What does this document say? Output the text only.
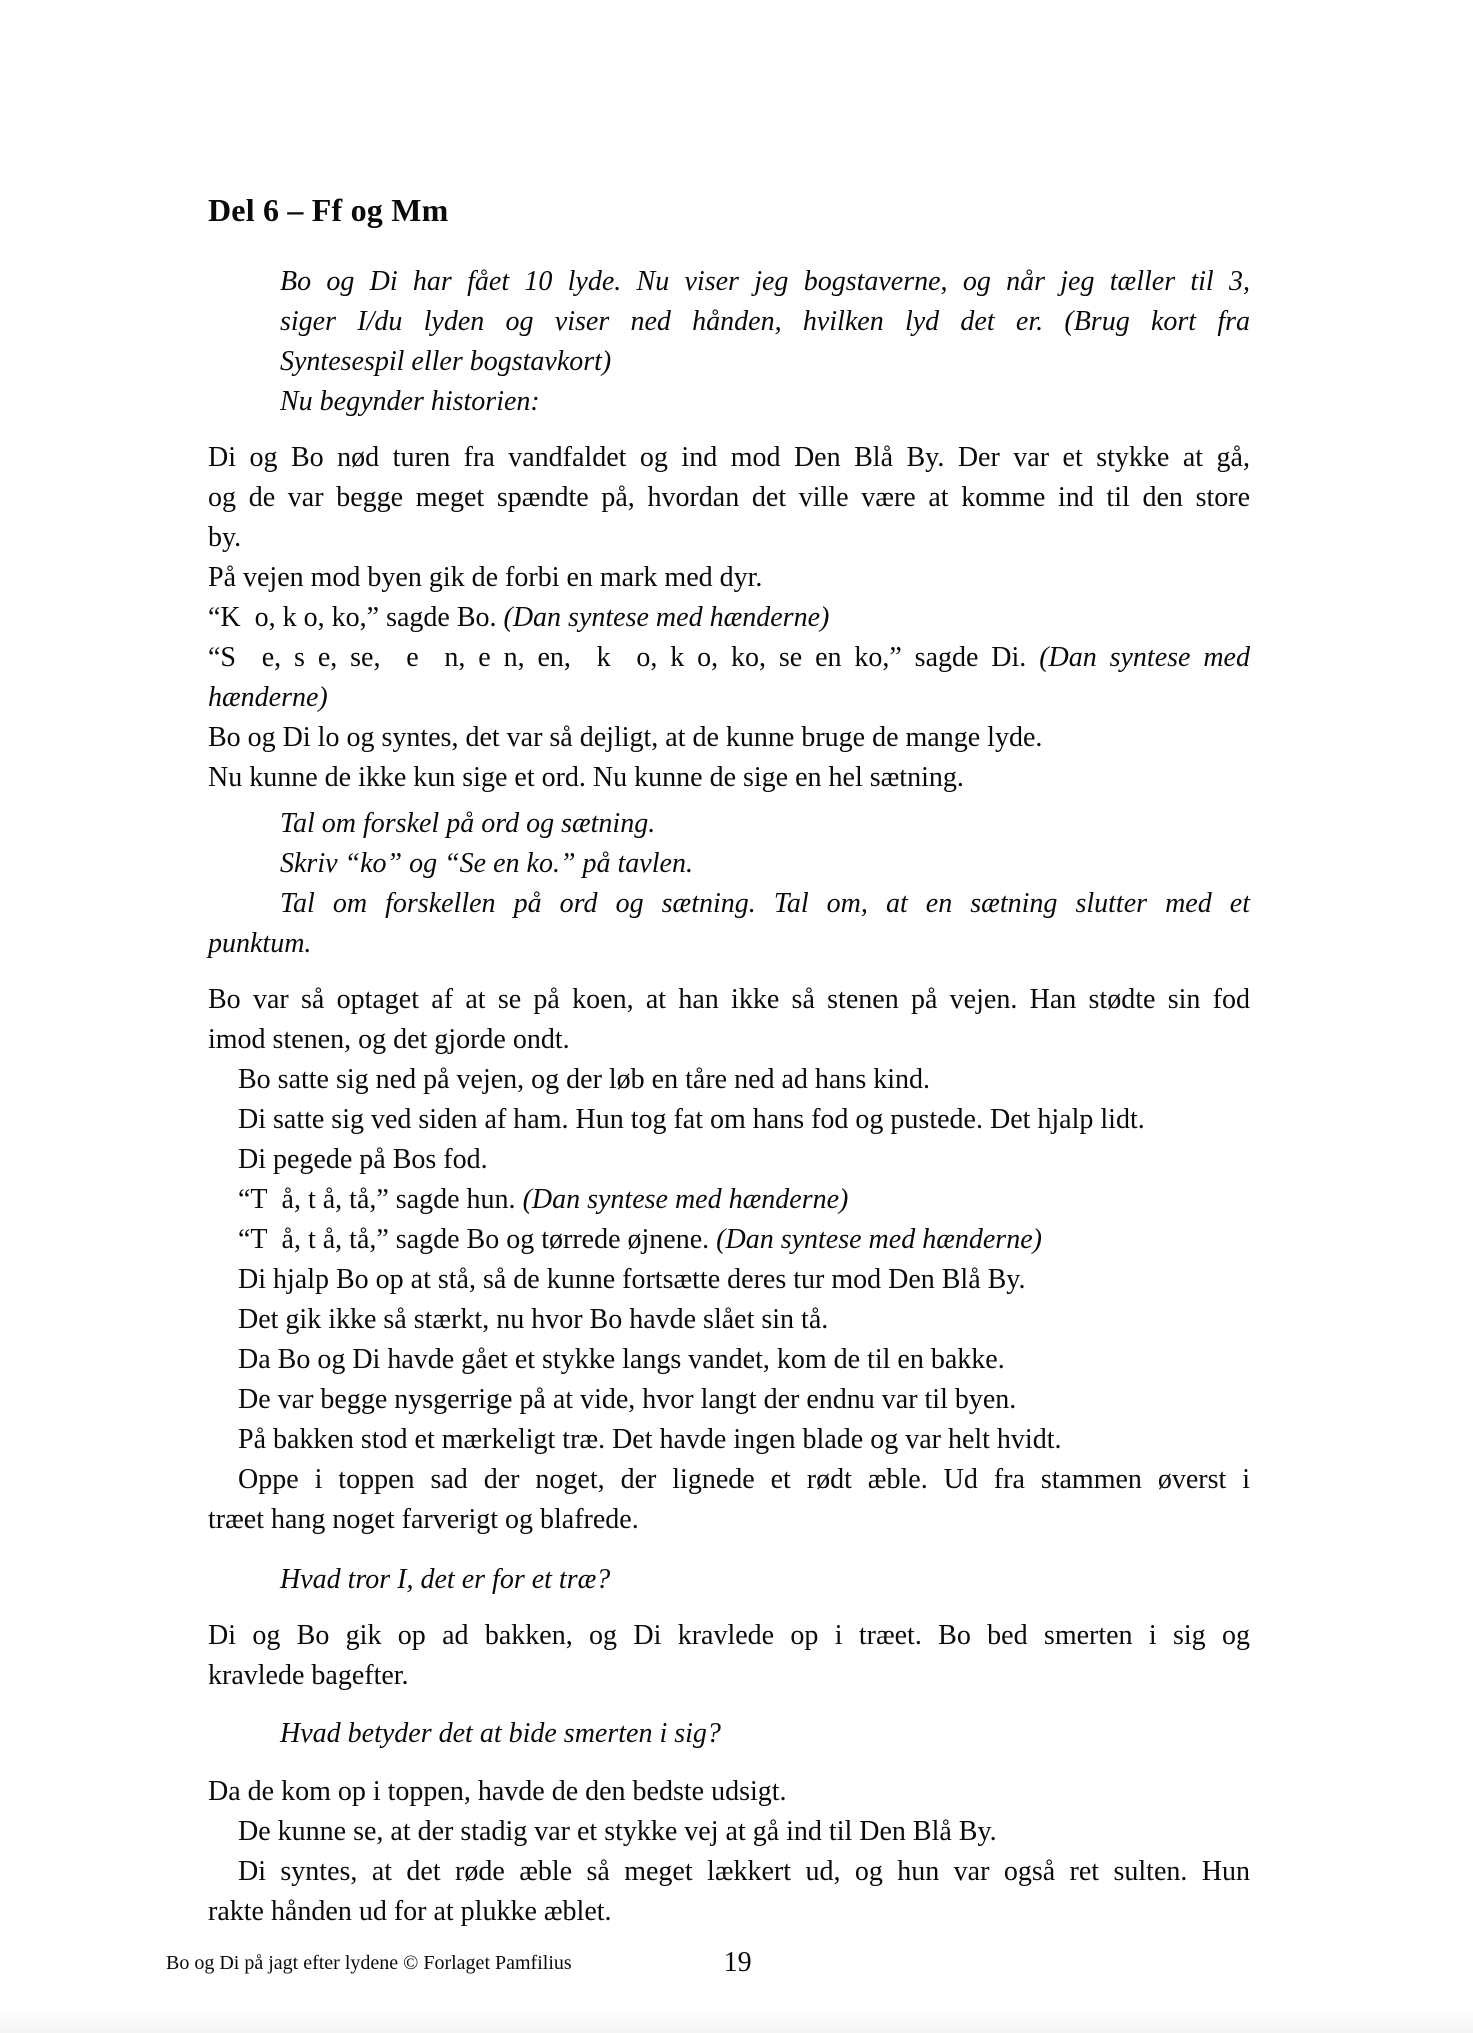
Del 6 – Ff og Mm
Bo og Di har fået 10 lyde. Nu viser jeg bogstaverne, og når jeg tæller til 3,
siger I/du lyden og viser ned hånden, hvilken lyd det er. (Brug kort fra
Syntesespil eller bogstavkort)
Nu begynder historien:
Di og Bo nød turen fra vandfaldet og ind mod Den Blå By. Der var et stykke at gå,
og de var begge meget spændte på, hvordan det ville være at komme ind til den store
by.
På vejen mod byen gik de forbi en mark med dyr.
“K  o, k o, ko,” sagde Bo. (Dan syntese med hænderne)
“S  e, s e, se,  e  n, e n, en,  k  o, k o, ko, se en ko,” sagde Di. (Dan syntese med
hænderne)
Bo og Di lo og syntes, det var så dejligt, at de kunne bruge de mange lyde.
Nu kunne de ikke kun sige et ord. Nu kunne de sige en hel sætning.
Tal om forskel på ord og sætning.
Skriv “ko” og “Se en ko.” på tavlen.
Tal om forskellen på ord og sætning. Tal om, at en sætning slutter med et
punktum.
Bo var så optaget af at se på koen, at han ikke så stenen på vejen. Han stødte sin fod
imod stenen, og det gjorde ondt.
Bo satte sig ned på vejen, og der løb en tåre ned ad hans kind.
Di satte sig ved siden af ham. Hun tog fat om hans fod og pustede. Det hjalp lidt.
Di pegede på Bos fod.
“T  å, t å, tå,” sagde hun. (Dan syntese med hænderne)
“T  å, t å, tå,” sagde Bo og tørrede øjnene. (Dan syntese med hænderne)
Di hjalp Bo op at stå, så de kunne fortsætte deres tur mod Den Blå By.
Det gik ikke så stærkt, nu hvor Bo havde slået sin tå.
Da Bo og Di havde gået et stykke langs vandet, kom de til en bakke.
De var begge nysgerrige på at vide, hvor langt der endnu var til byen.
På bakken stod et mærkeligt træ. Det havde ingen blade og var helt hvidt.
Oppe i toppen sad der noget, der lignede et rødt æble. Ud fra stammen øverst i
træet hang noget farverigt og blafrede.
Hvad tror I, det er for et træ?
Di og Bo gik op ad bakken, og Di kravlede op i træet. Bo bed smerten i sig og
kravlede bagefter.
Hvad betyder det at bide smerten i sig?
Da de kom op i toppen, havde de den bedste udsigt.
De kunne se, at der stadig var et stykke vej at gå ind til Den Blå By.
Di syntes, at det røde æble så meget lækkert ud, og hun var også ret sulten. Hun
rakte hånden ud for at plukke æblet.
Bo og Di på jagt efter lydene © Forlaget Pamfilius	19
